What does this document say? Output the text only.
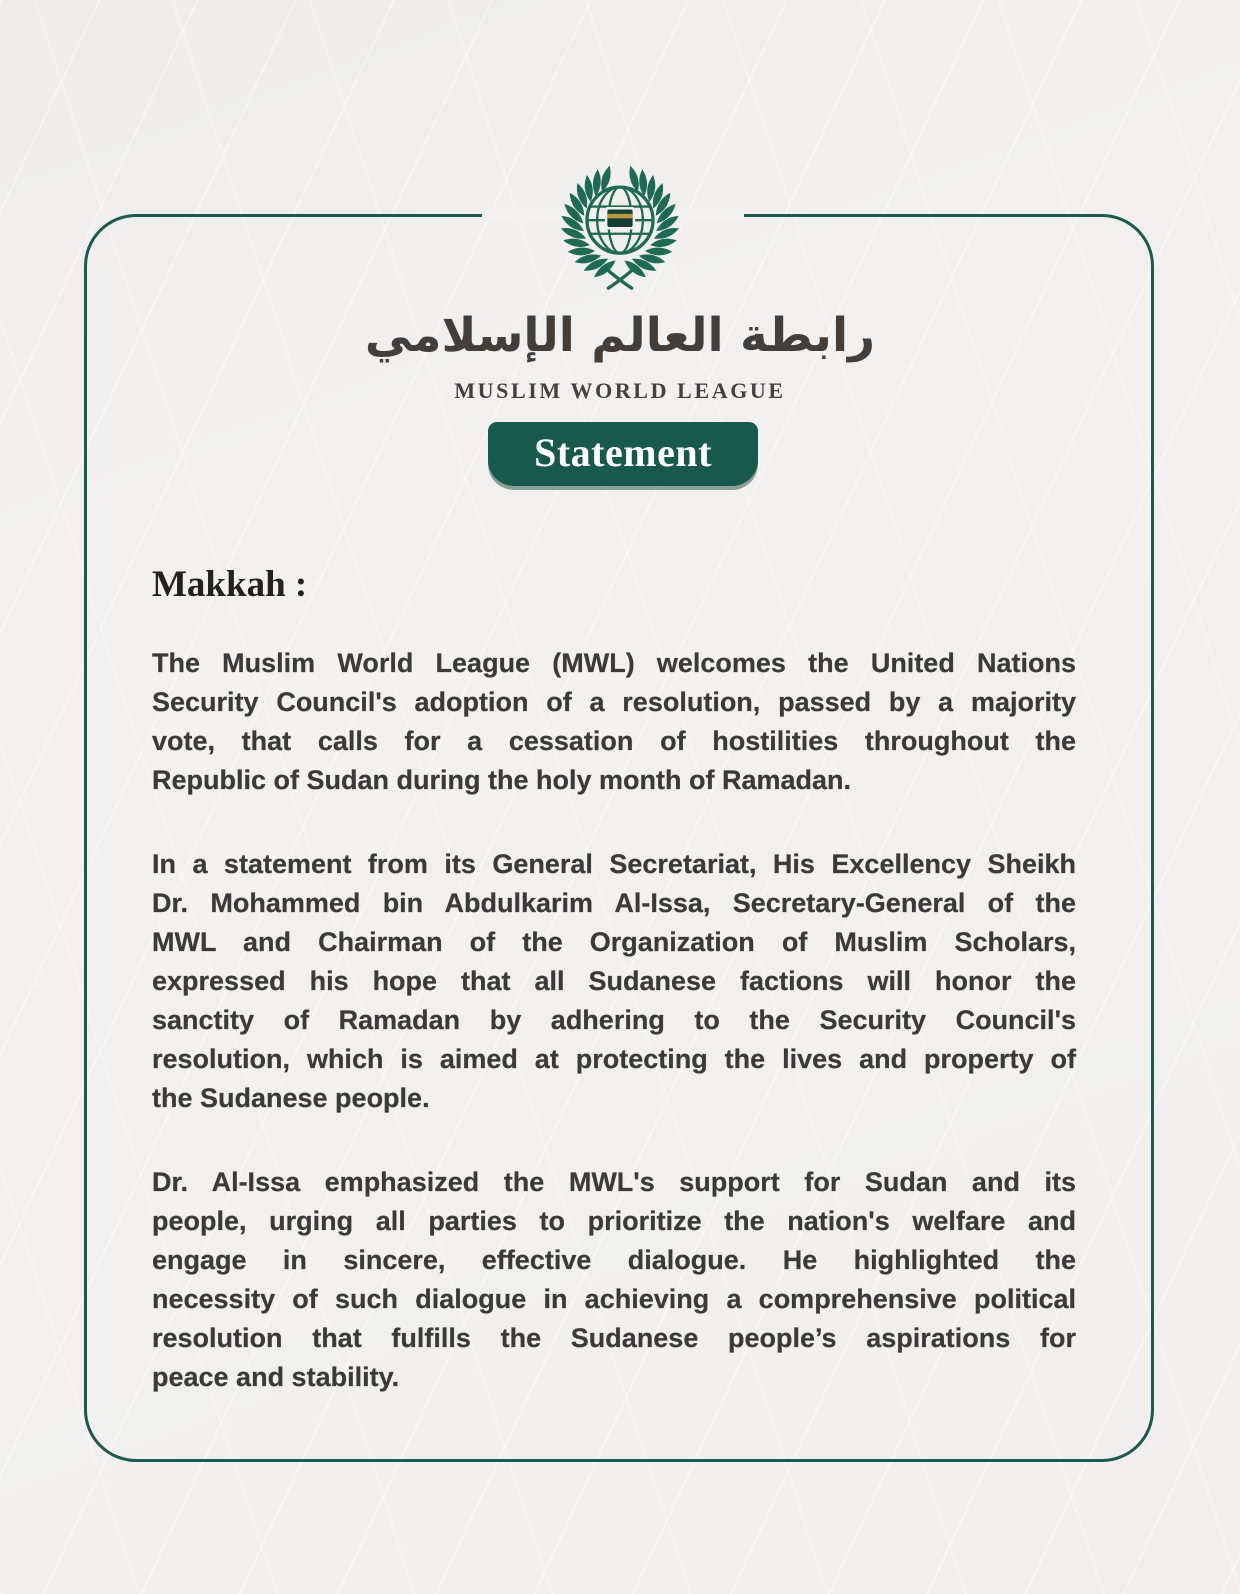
رابطة العالم الإسلامي
MUSLIM WORLD LEAGUE
Statement
Makkah :
The Muslim World League (MWL) welcomes the United Nations
Security Council's adoption of a resolution, passed by a majority
vote, that calls for a cessation of hostilities throughout the
Republic of Sudan during the holy month of Ramadan.
In a statement from its General Secretariat, His Excellency Sheikh
Dr. Mohammed bin Abdulkarim Al-Issa, Secretary-General of the
MWL and Chairman of the Organization of Muslim Scholars,
expressed his hope that all Sudanese factions will honor the
sanctity of Ramadan by adhering to the Security Council's
resolution, which is aimed at protecting the lives and property of
the Sudanese people.
Dr. Al-Issa emphasized the MWL's support for Sudan and its
people, urging all parties to prioritize the nation's welfare and
engage in sincere, effective dialogue. He highlighted the
necessity of such dialogue in achieving a comprehensive political
resolution that fulfills the Sudanese people’s aspirations for
peace and stability.
